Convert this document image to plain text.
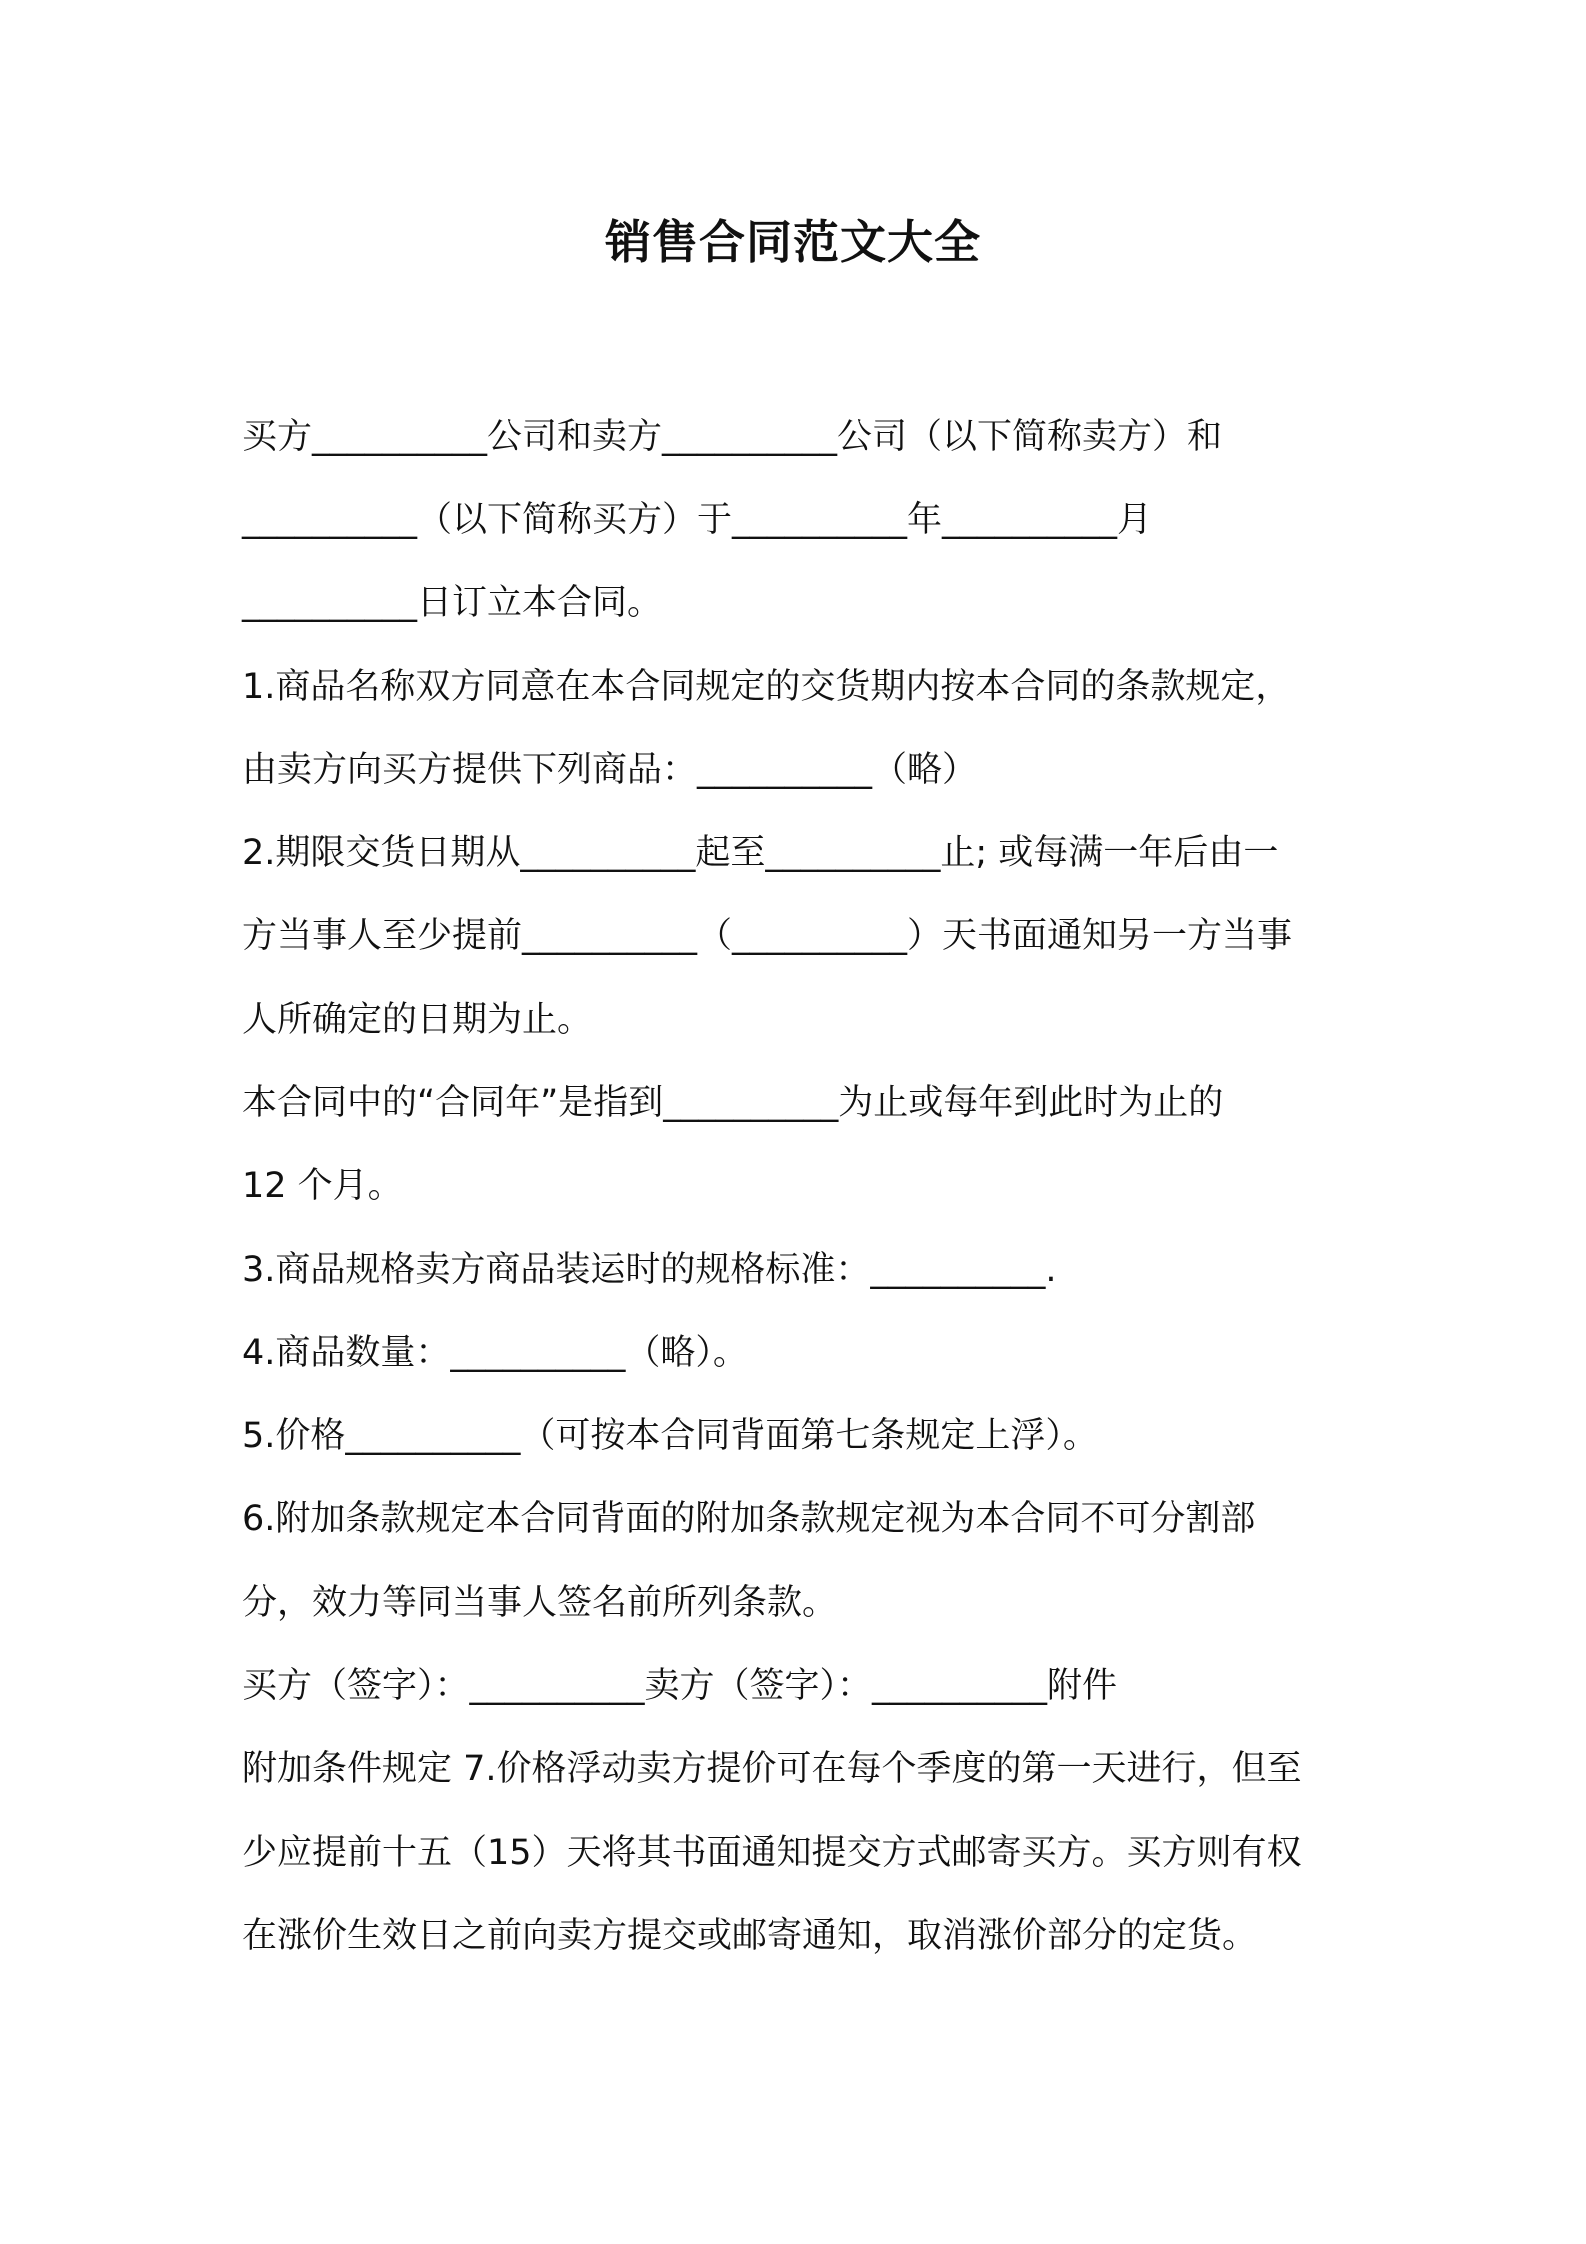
销售合同范文大全
买方__________公司和卖方__________公司（以下简称卖方）和
__________（以下简称买方）于__________年__________月
__________日订立本合同。
1.商品名称双方同意在本合同规定的交货期内按本合同的条款规定，
由卖方向买方提供下列商品：__________（略）
2.期限交货日期从__________起至__________止; 或每满一年后由一
方当事人至少提前__________（__________）天书面通知另一方当事
人所确定的日期为止。
本合同中的“合同年”是指到__________为止或每年到此时为止的
12 个月。
3.商品规格卖方商品装运时的规格标准：__________.
4.商品数量：__________（略）。
5.价格__________（可按本合同背面第七条规定上浮）。
6.附加条款规定本合同背面的附加条款规定视为本合同不可分割部
分，效力等同当事人签名前所列条款。
买方（签字）：__________卖方（签字）：__________附件
附加条件规定 7.价格浮动卖方提价可在每个季度的第一天进行，但至
少应提前十五（15）天将其书面通知提交方式邮寄买方。买方则有权
在涨价生效日之前向卖方提交或邮寄通知，取消涨价部分的定货。
